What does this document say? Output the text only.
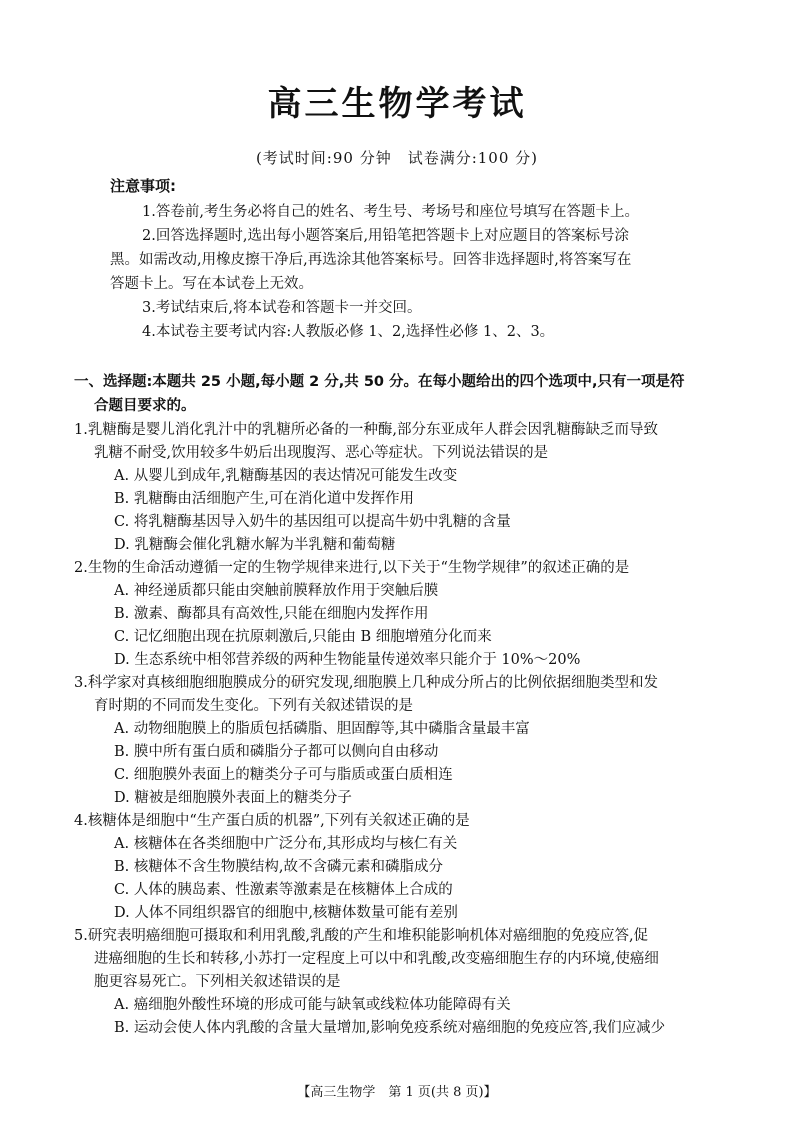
高三生物学考试
(考试时间:90 分钟　试卷满分:100 分)
注意事项:
1.答卷前,考生务必将自己的姓名、考生号、考场号和座位号填写在答题卡上。
2.回答选择题时,选出每小题答案后,用铅笔把答题卡上对应题目的答案标号涂
黑。如需改动,用橡皮擦干净后,再选涂其他答案标号。回答非选择题时,将答案写在
答题卡上。写在本试卷上无效。
3.考试结束后,将本试卷和答题卡一并交回。
4.本试卷主要考试内容:人教版必修 1、2,选择性必修 1、2、3。
一、选择题:本题共 25 小题,每小题 2 分,共 50 分。在每小题给出的四个选项中,只有一项是符
合题目要求的。
1.乳糖酶是婴儿消化乳汁中的乳糖所必备的一种酶,部分东亚成年人群会因乳糖酶缺乏而导致
乳糖不耐受,饮用较多牛奶后出现腹泻、恶心等症状。下列说法错误的是
A. 从婴儿到成年,乳糖酶基因的表达情况可能发生改变
B. 乳糖酶由活细胞产生,可在消化道中发挥作用
C. 将乳糖酶基因导入奶牛的基因组可以提高牛奶中乳糖的含量
D. 乳糖酶会催化乳糖水解为半乳糖和葡萄糖
2.生物的生命活动遵循一定的生物学规律来进行,以下关于“生物学规律”的叙述正确的是
A. 神经递质都只能由突触前膜释放作用于突触后膜
B. 激素、酶都具有高效性,只能在细胞内发挥作用
C. 记忆细胞出现在抗原刺激后,只能由 B 细胞增殖分化而来
D. 生态系统中相邻营养级的两种生物能量传递效率只能介于 10%～20%
3.科学家对真核细胞细胞膜成分的研究发现,细胞膜上几种成分所占的比例依据细胞类型和发
育时期的不同而发生变化。下列有关叙述错误的是
A. 动物细胞膜上的脂质包括磷脂、胆固醇等,其中磷脂含量最丰富
B. 膜中所有蛋白质和磷脂分子都可以侧向自由移动
C. 细胞膜外表面上的糖类分子可与脂质或蛋白质相连
D. 糖被是细胞膜外表面上的糖类分子
4.核糖体是细胞中“生产蛋白质的机器”,下列有关叙述正确的是
A. 核糖体在各类细胞中广泛分布,其形成均与核仁有关
B. 核糖体不含生物膜结构,故不含磷元素和磷脂成分
C. 人体的胰岛素、性激素等激素是在核糖体上合成的
D. 人体不同组织器官的细胞中,核糖体数量可能有差别
5.研究表明癌细胞可摄取和利用乳酸,乳酸的产生和堆积能影响机体对癌细胞的免疫应答,促
进癌细胞的生长和转移,小苏打一定程度上可以中和乳酸,改变癌细胞生存的内环境,使癌细
胞更容易死亡。下列相关叙述错误的是
A. 癌细胞外酸性环境的形成可能与缺氧或线粒体功能障碍有关
B. 运动会使人体内乳酸的含量大量增加,影响免疫系统对癌细胞的免疫应答,我们应减少
【高三生物学　第 1 页(共 8 页)】
